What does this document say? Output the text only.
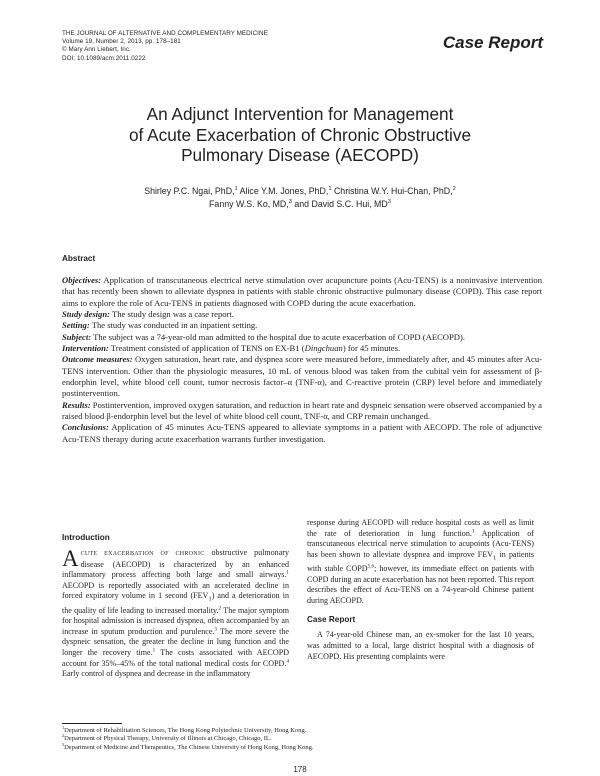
THE JOURNAL OF ALTERNATIVE AND COMPLEMENTARY MEDICINE
Volume 19, Number 2, 2013, pp. 178–181
© Mary Ann Liebert, Inc.
DOI: 10.1089/acm.2011.0222
Case Report
An Adjunct Intervention for Management
of Acute Exacerbation of Chronic Obstructive
Pulmonary Disease (AECOPD)
Shirley P.C. Ngai, PhD,$^1$ Alice Y.M. Jones, PhD,$^1$ Christina W.Y. Hui-Chan, PhD,$^2$
Fanny W.S. Ko, MD,$^3$ and David S.C. Hui, $MD^3$
Abstract

Objectives: Application of transcutaneous electrical nerve stimulation over acupuncture points (Acu-TENS) is a noninvasive intervention that has recently been shown to alleviate dyspnea in patients with stable chronic obstructive pulmonary disease (COPD). This case report aims to explore the role of Acu-TENS in patients diagnosed with COPD during the acute exacerbation.

Study design: The study design was a case report.

Setting: The study was conducted in an inpatient setting.

Subject: The subject was a 74-year-old man admitted to the hospital due to acute exacerbation of COPD (AECOPD).

Intervention: Treatment consisted of application of TENS on EX-B1 (Dingchuan) for 45 minutes.

Outcome measures: Oxygen saturation, heart rate, and dyspnea score were measured before, immediately after, and 45 minutes after Acu-TENS intervention. Other than the physiologic measures, 10 mL of venous blood was taken from the cubital vein for assessment of β-endorphin level, white blood cell count, tumor necrosis factor–α (TNF-α), and C-reactive protein (CRP) level before and immediately postintervention.

Results: Postintervention, improved oxygen saturation, and reduction in heart rate and dyspneic sensation were observed accompanied by a raised blood β-endorphin level but the level of white blood cell count, TNF-α, and CRP remain unchanged.

Conclusions: Application of 45 minutes Acu-TENS appeared to alleviate symptoms in a patient with AECOPD. The role of adjunctive Acu-TENS therapy during acute exacerbation warrants further investigation.

Introduction

ACUTE EXACERBATION OF CHRONIC obstructive pulmonary disease (AECOPD) is characterized by an enhanced inflammatory process affecting both large and small airways.$^1$ AECOPD is reportedly associated with an accelerated decline in forced expiratory volume in 1 second $(FEV_1)$ and a deterioration in the quality of life leading to increased mortality.$^2$ The major symptom for hospital admission is increased dyspnea, often accompanied by an increase in sputum production and purulence.$^3$ The more severe the dyspneic sensation, the greater the decline in lung function and the longer the recovery time.$^1$ The costs associated with AECOPD account for 35%–45% of the total national medical costs for COPD.$^4$ Early control of dyspnea and decrease in the inflammatory

response during AECOPD will reduce hospital costs as well as limit the rate of deterioration in lung function.$^1$ Application of transcutaneous electrical nerve stimulation to acupoints (Acu-TENS) has been shown to alleviate dyspnea and improve $FEV_1$ in patients with stable COPD$^{5,6}$; however, its immediate effect on patients with COPD during an acute exacerbation has not been reported. This report describes the effect of Acu-TENS on a 74-year-old Chinese patient during AECOPD.

Case Report

A 74-year-old Chinese man, an ex-smoker for the last 10 years, was admitted to a local, large district hospital with a diagnosis of AECOPD. His presenting complaints were

$^1$Department of Rehabilitation Sciences, The Hong Kong Polytechnic University, Hong Kong.
$^2$Department of Physical Therapy, University of Illinois at Chicago, Chicago, IL.
$^3$Department of Medicine and Therapeutics, The Chinese University of Hong Kong, Hong Kong.
178
